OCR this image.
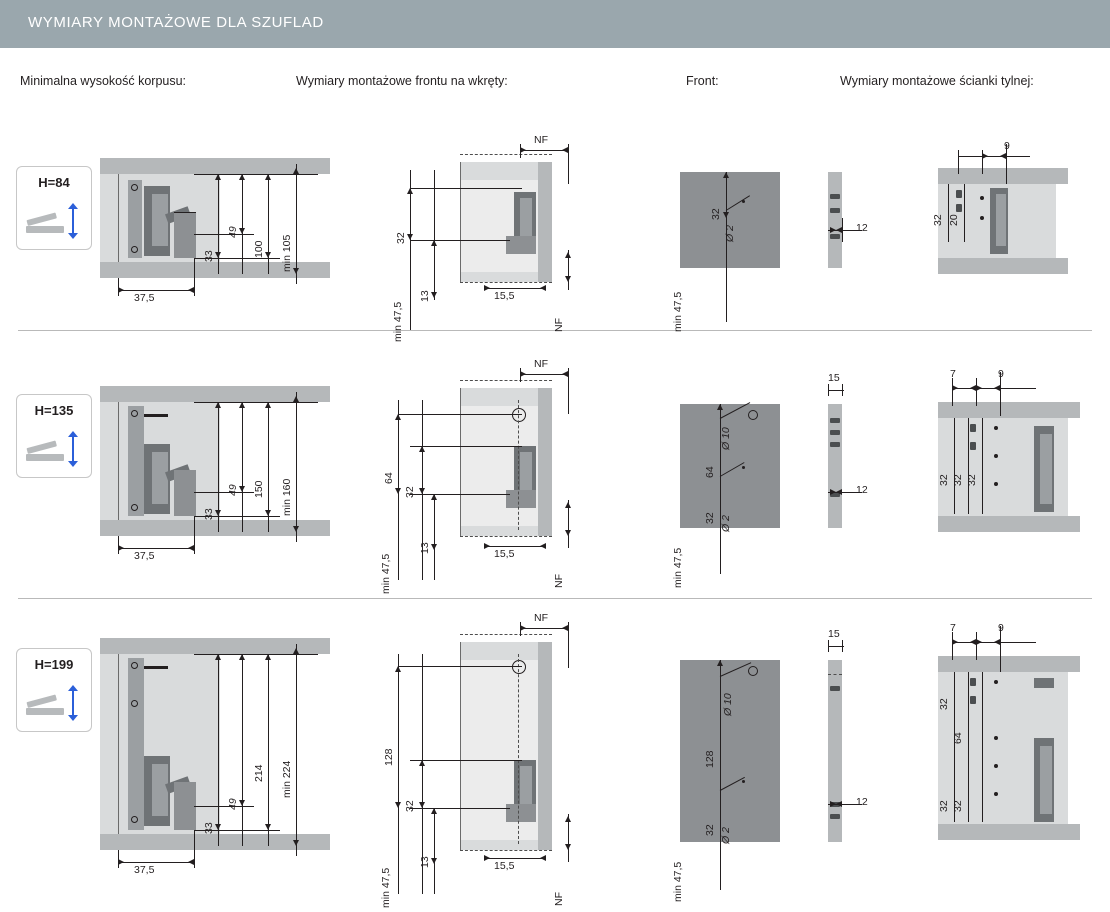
WYMIARY MONTAŻOWE DLA SZUFLAD
Minimalna wysokość korpusu:	Wymiary montażowe frontu na wkręty:	Front:	Wymiary montażowe ścianki tylnej:
H=84
33
49
100 min 105
37,5
NF
32
13
min 47,5
15,5
NF
32
Ø 2
min 47,5
12
9
32 20
H=135
33
49 150 min 160
37,5
NF
64
32
13
min 47,5	15,5
NF
64
Ø 10
32 Ø 2
min 47,5
15
12
7	9
32 32 32
H=199
33
49
214 min 224
37,5
NF
128
32
13
min 47,5
15,5
NF
128
Ø 10
32 Ø 2
min 47,5
15
12
7	9
32
64
32 32
